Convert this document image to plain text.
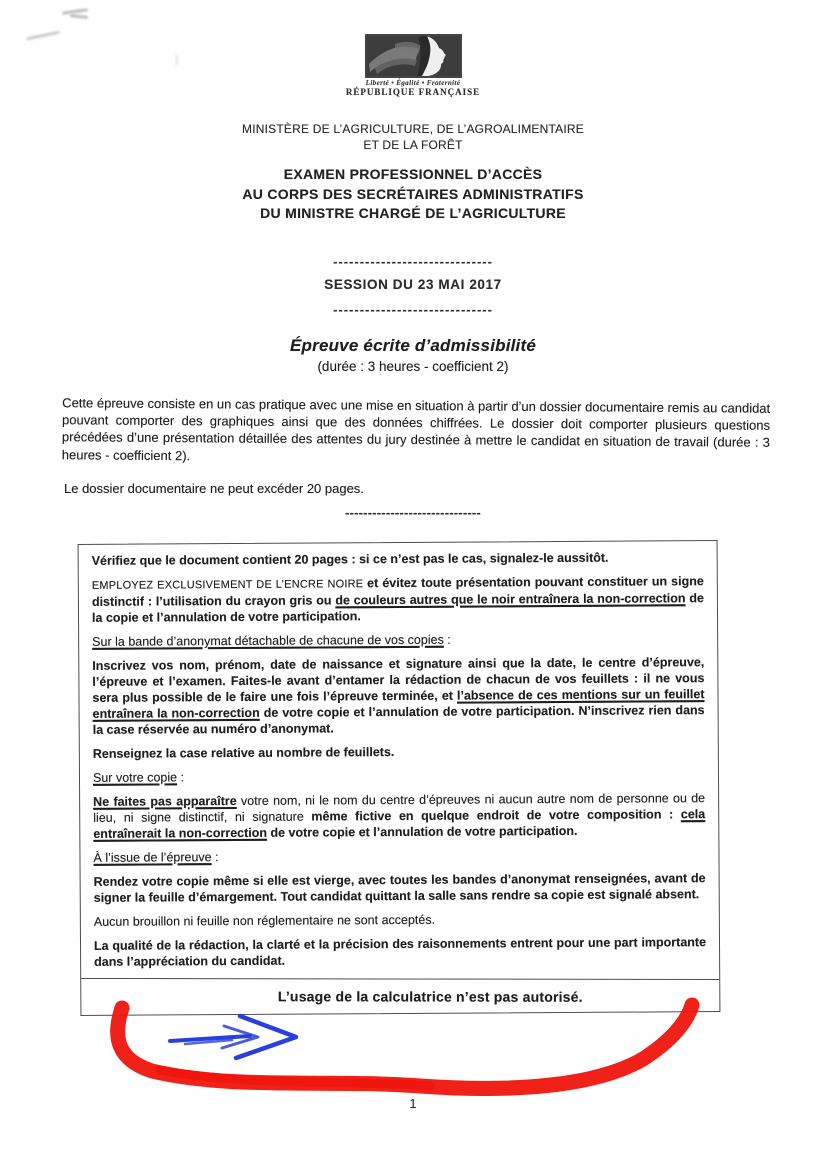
Liberté • Égalité • Fraternité
RÉPUBLIQUE FRANÇAISE
MINISTÈRE DE L’AGRICULTURE, DE L’AGROALIMENTAIRE
ET DE LA FORÊT
EXAMEN PROFESSIONNEL D’ACCÈS
AU CORPS DES SECRÉTAIRES ADMINISTRATIFS
DU MINISTRE CHARGÉ DE L’AGRICULTURE
------------------------------
SESSION DU 23 MAI 2017
------------------------------
Épreuve écrite d’admissibilité
(durée : 3 heures - coefficient 2)
Cette épreuve consiste en un cas pratique avec une mise en situation à partir d’un dossier documentaire remis au candidat pouvant comporter des graphiques ainsi que des données chiffrées. Le dossier doit comporter plusieurs questions précédées d’une présentation détaillée des attentes du jury destinée à mettre le candidat en situation de travail (durée : 3 heures - coefficient 2).
Le dossier documentaire ne peut excéder 20 pages.
------------------------------

Vérifiez que le document contient 20 pages : si ce n’est pas le cas, signalez-le aussitôt.

EMPLOYEZ EXCLUSIVEMENT DE L’ENCRE NOIRE et évitez toute présentation pouvant constituer un signe distinctif : l’utilisation du crayon gris ou de couleurs autres que le noir entraînera la non-correction de la copie et l’annulation de votre participation.

Sur la bande d’anonymat détachable de chacune de vos copies :

Inscrivez vos nom, prénom, date de naissance et signature ainsi que la date, le centre d’épreuve, l’épreuve et l’examen. Faites-le avant d’entamer la rédaction de chacun de vos feuillets : il ne vous sera plus possible de le faire une fois l’épreuve terminée, et l’absence de ces mentions sur un feuillet entraînera la non-correction de votre copie et l’annulation de votre participation. N’inscrivez rien dans la case réservée au numéro d’anonymat.

Renseignez la case relative au nombre de feuillets.

Sur votre copie :

Ne faites pas apparaître votre nom, ni le nom du centre d’épreuves ni aucun autre nom de personne ou de lieu, ni signe distinctif, ni signature même fictive en quelque endroit de votre composition : cela entraînerait la non-correction de votre copie et l’annulation de votre participation.

À l’issue de l’épreuve :

Rendez votre copie même si elle est vierge, avec toutes les bandes d’anonymat renseignées, avant de signer la feuille d’émargement. Tout candidat quittant la salle sans rendre sa copie est signalé absent.

Aucun brouillon ni feuille non réglementaire ne sont acceptés.

La qualité de la rédaction, la clarté et la précision des raisonnements entrent pour une part importante dans l’appréciation du candidat.

L’usage de la calculatrice n’est pas autorisé.
1
